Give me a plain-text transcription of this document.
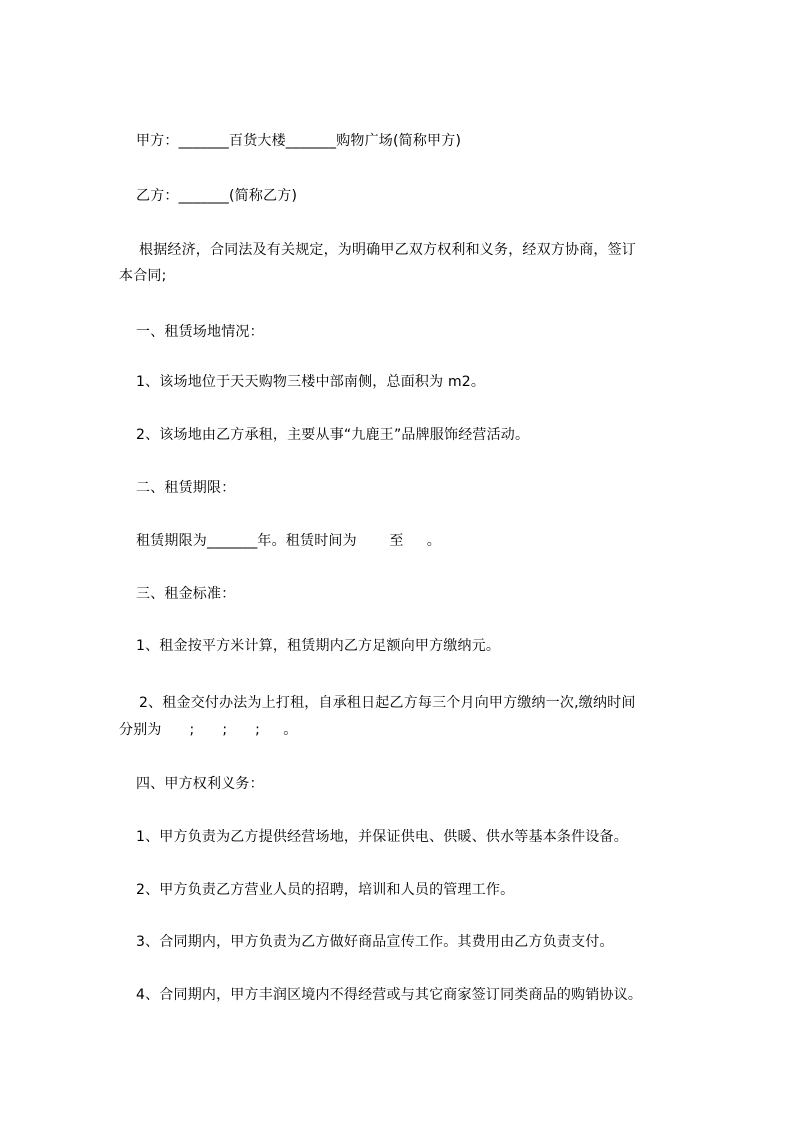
甲方：_______百货大楼_______购物广场(简称甲方)
乙方：_______(简称乙方)
根据经济，合同法及有关规定，为明确甲乙双方权利和义务，经双方协商，签订
本合同;
一、租赁场地情况：
1、该场地位于天天购物三楼中部南侧，总面积为 m2。
2、该场地由乙方承租，主要从事“九鹿王”品牌服饰经营活动。
二、租赁期限：
租赁期限为_______年。租赁时间为       至     。
三、租金标准：
1、租金按平方米计算，租赁期内乙方足额向甲方缴纳元。
2、租金交付办法为上打租，自承租日起乙方每三个月向甲方缴纳一次,缴纳时间
分别为      ;      ;      ;     。
四、甲方权利义务：
1、甲方负责为乙方提供经营场地，并保证供电、供暖、供水等基本条件设备。
2、甲方负责乙方营业人员的招聘，培训和人员的管理工作。
3、合同期内，甲方负责为乙方做好商品宣传工作。其费用由乙方负责支付。
4、合同期内，甲方丰润区境内不得经营或与其它商家签订同类商品的购销协议。
